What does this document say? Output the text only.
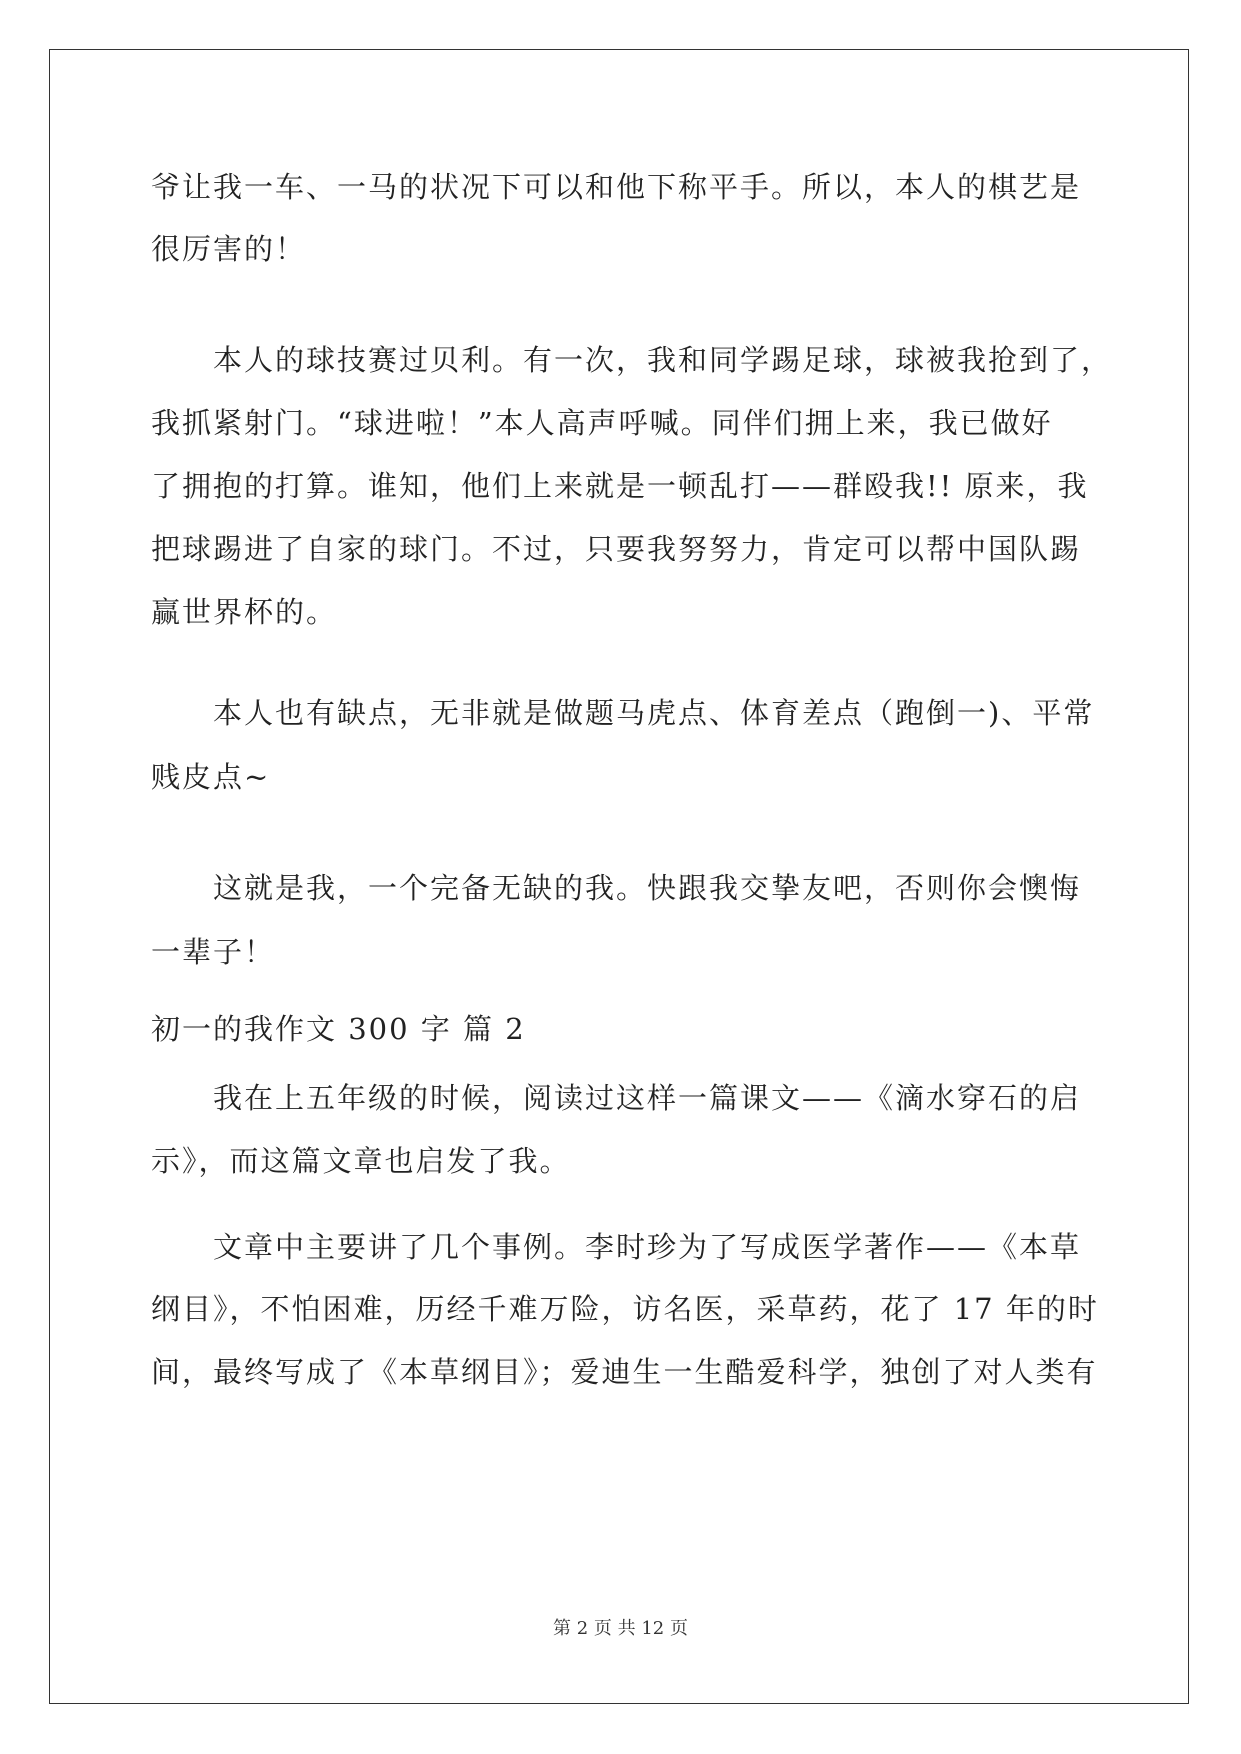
爷让我一车、一马的状况下可以和他下称平手。所以，本人的棋艺是
很厉害的！
本人的球技赛过贝利。有一次，我和同学踢足球，球被我抢到了，
我抓紧射门。“球进啦！”本人高声呼喊。同伴们拥上来，我已做好
了拥抱的打算。谁知，他们上来就是一顿乱打——群殴我!! 原来，我
把球踢进了自家的球门。不过，只要我努努力，肯定可以帮中国队踢
赢世界杯的。
本人也有缺点，无非就是做题马虎点、体育差点（跑倒一)、平常
贱皮点~
这就是我，一个完备无缺的我。快跟我交挚友吧，否则你会懊悔
一辈子！
初一的我作文 300 字 篇 2
我在上五年级的时候，阅读过这样一篇课文——《滴水穿石的启
示》，而这篇文章也启发了我。
文章中主要讲了几个事例。李时珍为了写成医学著作——《本草
纲目》，不怕困难，历经千难万险，访名医，采草药，花了 17 年的时
间，最终写成了《本草纲目》；爱迪生一生酷爱科学，独创了对人类有
第 2 页 共 12 页
